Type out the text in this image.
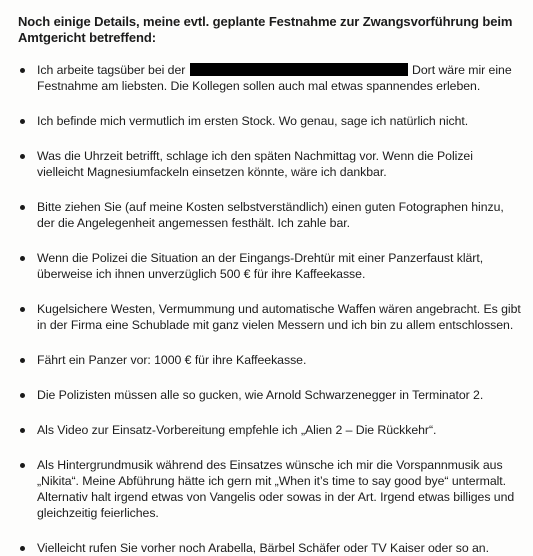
Noch einige Details, meine evtl. geplante Festnahme zur Zwangsvorführung beim Amtgericht betreffend:
Ich arbeite tagsüber bei der	Dort wäre mir eine Festnahme am liebsten. Die Kollegen sollen auch mal etwas spannendes erleben.
Ich befinde mich vermutlich im ersten Stock. Wo genau, sage ich natürlich nicht.
Was die Uhrzeit betrifft, schlage ich den späten Nachmittag vor. Wenn die Polizei vielleicht Magnesiumfackeln einsetzen könnte, wäre ich dankbar.
Bitte ziehen Sie (auf meine Kosten selbstverständlich) einen guten Fotographen hinzu, der die Angelegenheit angemessen festhält. Ich zahle bar.
Wenn die Polizei die Situation an der Eingangs-Drehtür mit einer Panzerfaust klärt, überweise ich ihnen unverzüglich 500 € für ihre Kaffeekasse.
Kugelsichere Westen, Vermummung und automatische Waffen wären angebracht. Es gibt in der Firma eine Schublade mit ganz vielen Messern und ich bin zu allem entschlossen.
Fährt ein Panzer vor: 1000 € für ihre Kaffeekasse.
Die Polizisten müssen alle so gucken, wie Arnold Schwarzenegger in Terminator 2.
Als Video zur Einsatz-Vorbereitung empfehle ich „Alien 2 – Die Rückkehr“.
Als Hintergrundmusik während des Einsatzes wünsche ich mir die Vorspannmusik aus „Nikita“. Meine Abführung hätte ich gern mit „When it’s time to say good bye“ untermalt. Alternativ halt irgend etwas von Vangelis oder sowas in der Art. Irgend etwas billiges und gleichzeitig feierliches.
Vielleicht rufen Sie vorher noch Arabella, Bärbel Schäfer oder TV Kaiser oder so an.
